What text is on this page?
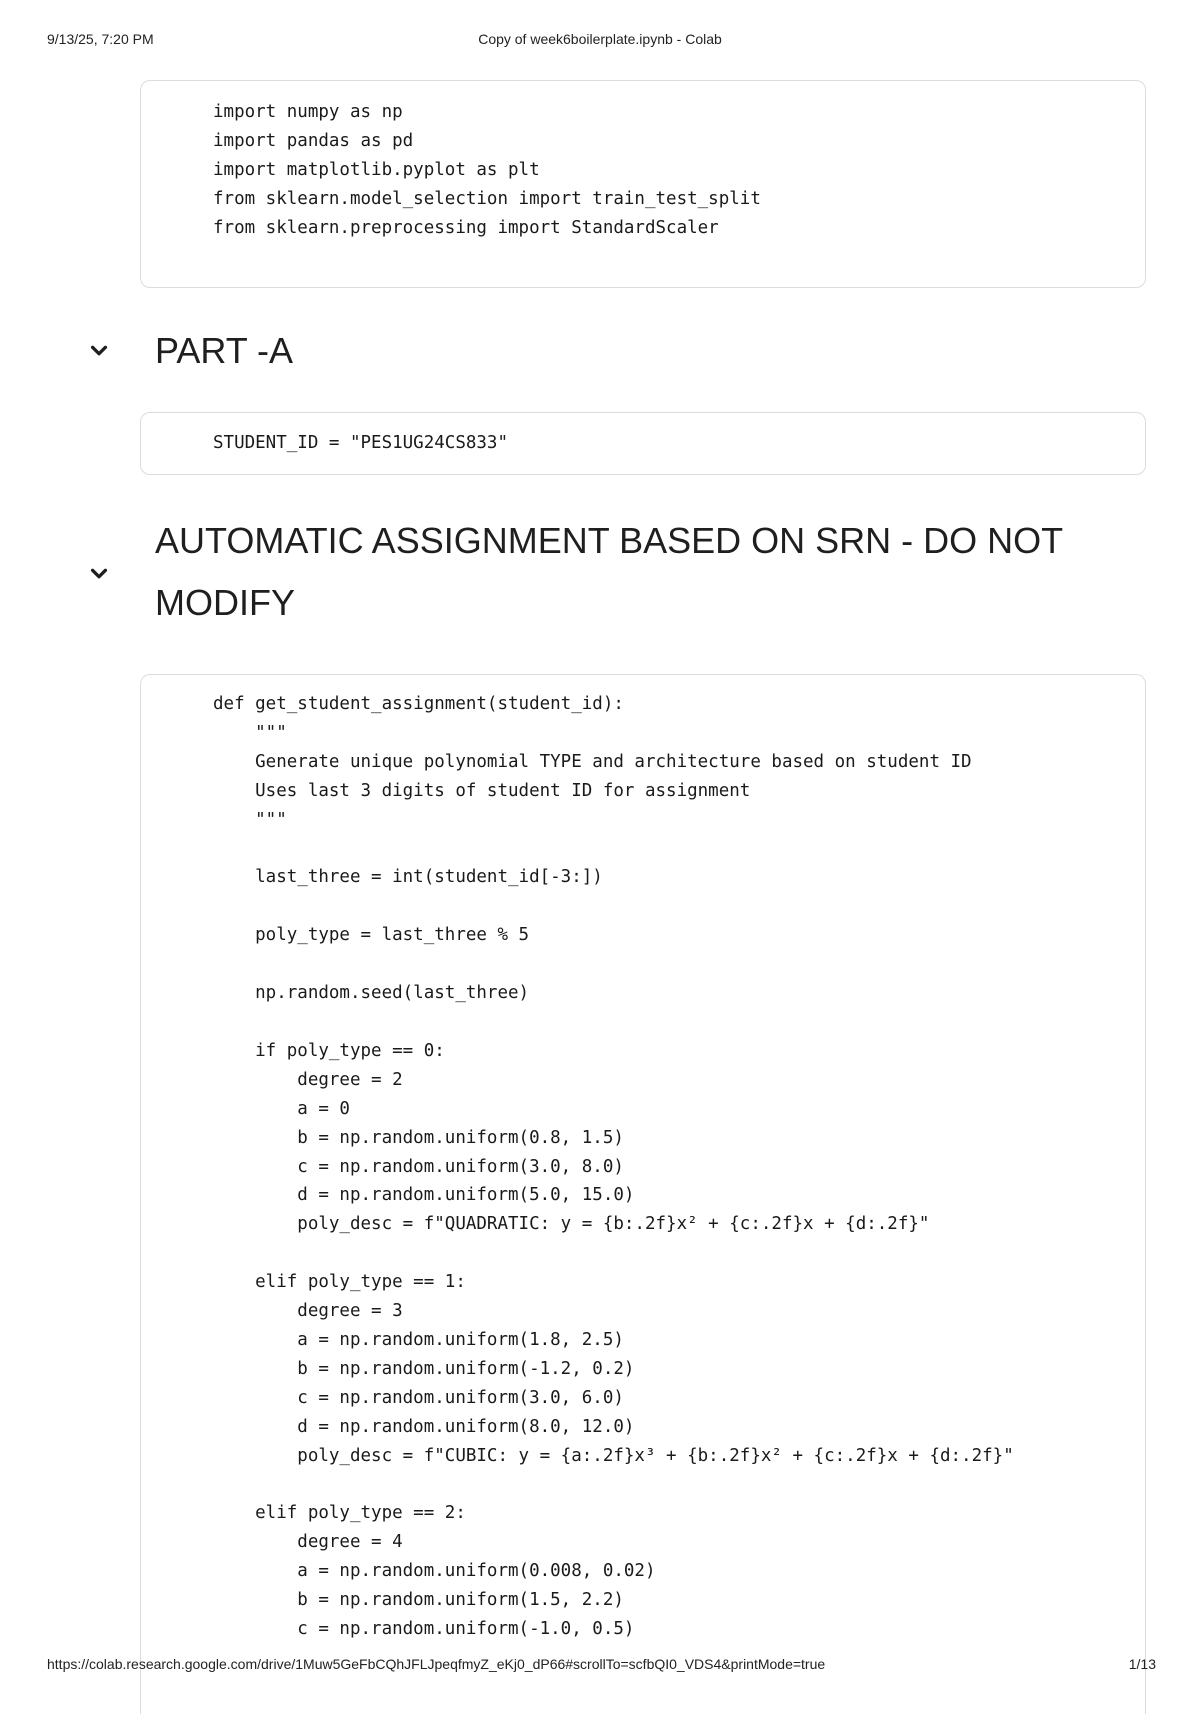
9/13/25, 7:20 PM	Copy of week6boilerplate.ipynb - Colab
import numpy as np
import pandas as pd
import matplotlib.pyplot as plt
from sklearn.model_selection import train_test_split
from sklearn.preprocessing import StandardScaler
PART -A
STUDENT_ID = "PES1UG24CS833"
AUTOMATIC ASSIGNMENT BASED ON SRN - DO NOT MODIFY
def get_student_assignment(student_id):
"""
Generate unique polynomial TYPE and architecture based on student ID
Uses last 3 digits of student ID for assignment
"""

last_three = int(student_id[-3:])

poly_type = last_three % 5

np.random.seed(last_three)

if poly_type == 0:
degree = 2
a = 0
b = np.random.uniform(0.8, 1.5)
c = np.random.uniform(3.0, 8.0)
d = np.random.uniform(5.0, 15.0)
poly_desc = f"QUADRATIC: y = {b:.2f}x² + {c:.2f}x + {d:.2f}"

elif poly_type == 1:
degree = 3
a = np.random.uniform(1.8, 2.5)
b = np.random.uniform(-1.2, 0.2)
c = np.random.uniform(3.0, 6.0)
d = np.random.uniform(8.0, 12.0)
poly_desc = f"CUBIC: y = {a:.2f}x³ + {b:.2f}x² + {c:.2f}x + {d:.2f}"

elif poly_type == 2:
degree = 4
a = np.random.uniform(0.008, 0.02)
b = np.random.uniform(1.5, 2.2)
c = np.random.uniform(-1.0, 0.5)
https://colab.research.google.com/drive/1Muw5GeFbCQhJFLJpeqfmyZ_eKj0_dP66#scrollTo=scfbQI0_VDS4&printMode=true	1/13
